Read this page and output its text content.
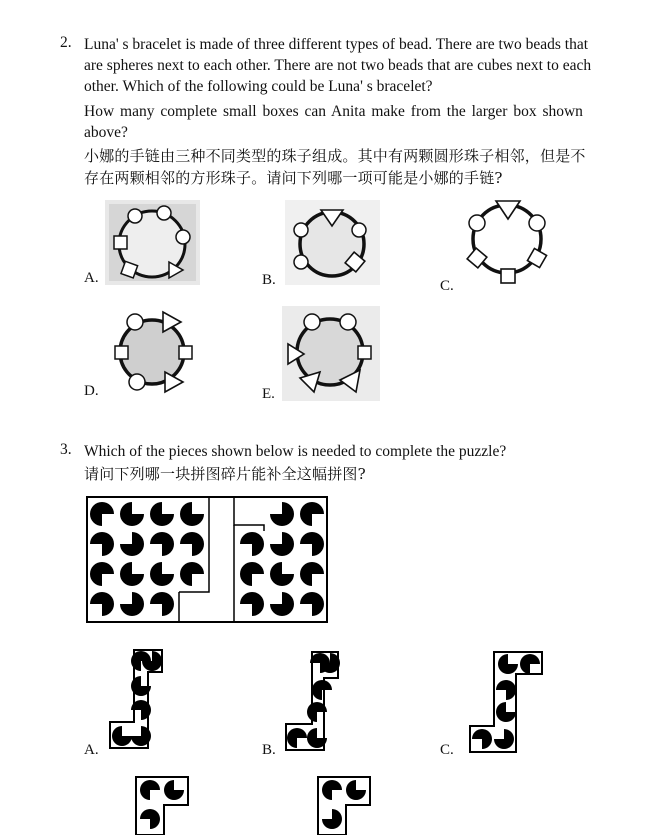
2. Luna' s bracelet is made of three different types of bead. There are two beads that
are spheres next to each other. There are not two beads that are cubes next to each
other. Which of the following could be Luna' s bracelet?
How many complete small boxes can Anita make from the larger box shown
above?
小娜的手链由三种不同类型的珠子组成。其中有两颗圆形珠子相邻，但是不
存在两颗相邻的方形珠子。请问下列哪一项可能是小娜的手链?
A.	B.	C.
D.	E.
3. Which of the pieces shown below is needed to complete the puzzle?
请问下列哪一块拼图碎片能补全这幅拼图?
A.	B.	C.
